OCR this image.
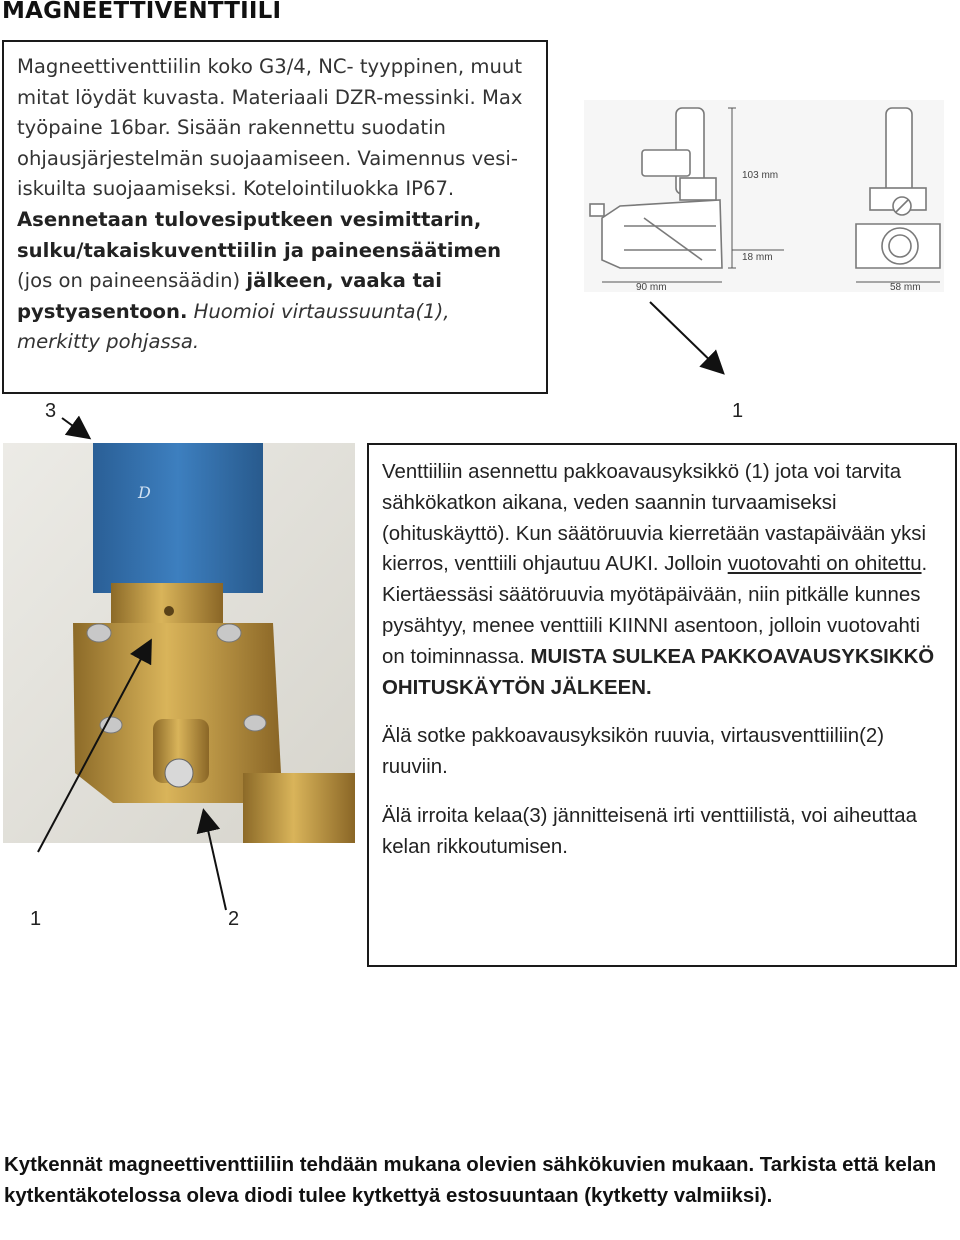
MAGNEETTIVENTTIILI
Magneettiventtiilin koko G3/4, NC- tyyppinen, muut mitat löydät kuvasta. Materiaali DZR-messinki. Max työpaine 16bar. Sisään rakennettu suodatin ohjausjärjestelmän suojaamiseen. Vaimennus vesi-iskuilta suojaamiseksi. Kotelointiluokka IP67. Asennetaan tulovesiputkeen vesimittarin, sulku/takaiskuventtiilin ja paineensäätimen (jos on paineensäädin) jälkeen, vaaka tai pystyasentoon. Huomioi virtaussuunta(1), merkitty pohjassa.
103 mm
18 mm
90 mm	58 mm
D
3	1
1	2

Venttiiliin asennettu pakkoavausyksikkö (1) jota voi tarvita sähkökatkon aikana, veden saannin turvaamiseksi (ohituskäyttö). Kun säätöruuvia kierretään vastapäivään yksi kierros, venttiili ohjautuu AUKI. Jolloin vuotovahti on ohitettu.
Kiertäessäsi säätöruuvia myötäpäivään, niin pitkälle kunnes pysähtyy, menee venttiili KIINNI asentoon, jolloin vuotovahti on toiminnassa. MUISTA SULKEA PAKKOAVAUSYKSIKKÖ OHITUSKÄYTÖN JÄLKEEN.

Älä sotke pakkoavausyksikön ruuvia, virtausventtiiliin(2) ruuviin.

Älä irroita kelaa(3) jännitteisenä irti venttiilistä, voi aiheuttaa kelan rikkoutumisen.

Kytkennät magneettiventtiiliin tehdään mukana olevien sähkökuvien mukaan. Tarkista että kelan kytkentäkotelossa oleva diodi tulee kytkettyä estosuuntaan (kytketty valmiiksi).
